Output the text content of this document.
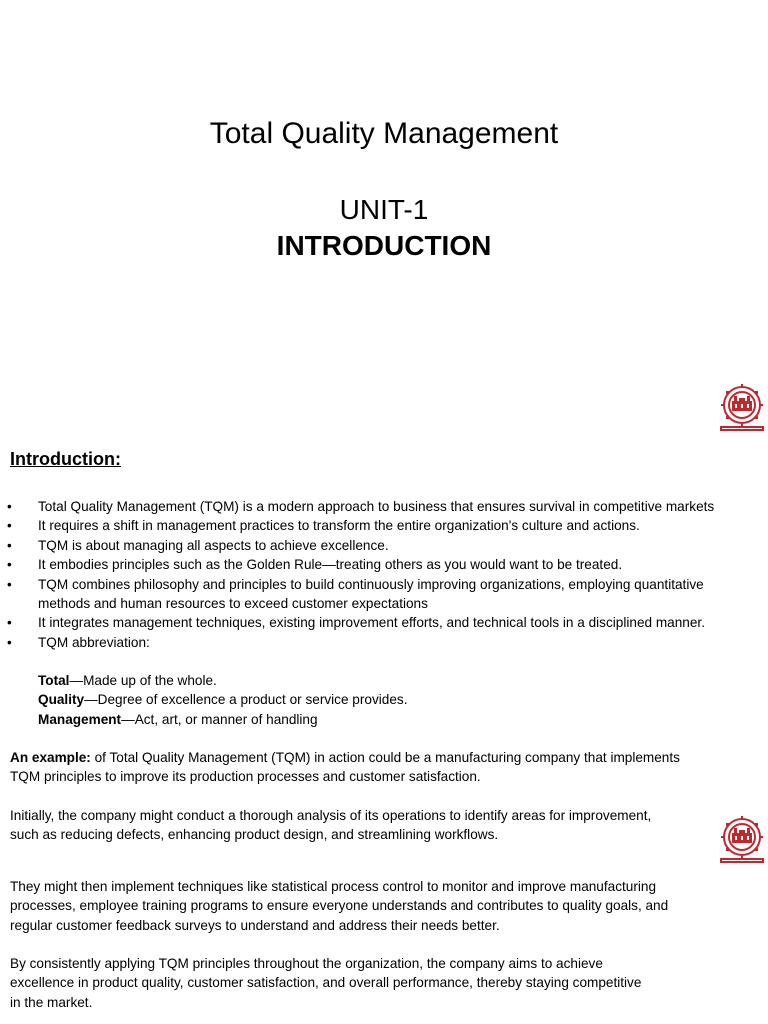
Total Quality Management
UNIT-1
INTRODUCTION
Introduction:
• Total Quality Management (TQM) is a modern approach to business that ensures survival in competitive markets
• It requires a shift in management practices to transform the entire organization's culture and actions.
• TQM is about managing all aspects to achieve excellence.
• It embodies principles such as the Golden Rule—treating others as you would want to be treated.
• TQM combines philosophy and principles to build continuously improving organizations, employing quantitative
methods and human resources to exceed customer expectations
• It integrates management techniques, existing improvement efforts, and technical tools in a disciplined manner.
• TQM abbreviation:
Total—Made up of the whole.
Quality—Degree of excellence a product or service provides.
Management—Act, art, or manner of handling
An example: of Total Quality Management (TQM) in action could be a manufacturing company that implements
TQM principles to improve its production processes and customer satisfaction.
Initially, the company might conduct a thorough analysis of its operations to identify areas for improvement,
such as reducing defects, enhancing product design, and streamlining workflows.
They might then implement techniques like statistical process control to monitor and improve manufacturing
processes, employee training programs to ensure everyone understands and contributes to quality goals, and
regular customer feedback surveys to understand and address their needs better.
By consistently applying TQM principles throughout the organization, the company aims to achieve
excellence in product quality, customer satisfaction, and overall performance, thereby staying competitive
in the market.
